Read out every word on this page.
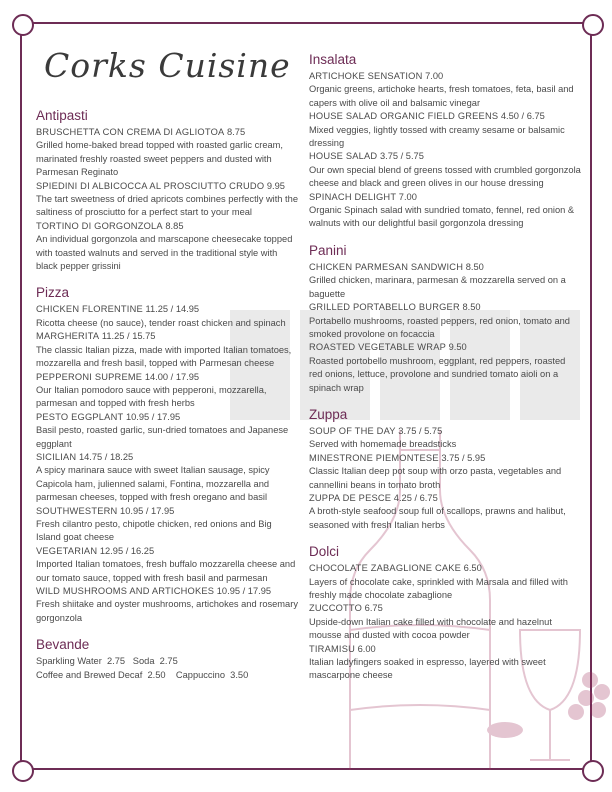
Corks Cuisine
Antipasti
BRUSCHETTA CON CREMA DI AGLIOTOA 8.75
Grilled home-baked bread topped with roasted garlic cream, marinated freshly roasted sweet peppers and dusted with Parmesan Reginato
SPIEDINI DI ALBICOCCA AL PROSCIUTTO CRUDO 9.95
The tart sweetness of dried apricots combines perfectly with the saltiness of prosciutto for a perfect start to your meal
TORTINO DI GORGONZOLA 8.85
An individual gorgonzola and marscapone cheesecake topped with toasted walnuts and served in the traditional style with black pepper grissini
Pizza
CHICKEN FLORENTINE 11.25 / 14.95
Ricotta cheese (no sauce), tender roast chicken and spinach
MARGHERITA 11.25 / 15.75
The classic Italian pizza, made with imported Italian tomatoes, mozzarella and fresh basil, topped with Parmesan cheese
PEPPERONI SUPREME 14.00 / 17.95
Our Italian pomodoro sauce with pepperoni, mozzarella, parmesan and topped with fresh herbs
PESTO EGGPLANT 10.95 / 17.95
Basil pesto, roasted garlic, sun-dried tomatoes and Japanese eggplant
SICILIAN 14.75 / 18.25
A spicy marinara sauce with sweet Italian sausage, spicy Capicola ham, julienned salami, Fontina, mozzarella and parmesan cheeses, topped with fresh oregano and basil
SOUTHWESTERN 10.95 / 17.95
Fresh cilantro pesto, chipotle chicken, red onions and Big Island goat cheese
VEGETARIAN 12.95 / 16.25
Imported Italian tomatoes, fresh buffalo mozzarella cheese and our tomato sauce, topped with fresh basil and parmesan
WILD MUSHROOMS AND ARTICHOKES 10.95 / 17.95
Fresh shiitake and oyster mushrooms, artichokes and rosemary gorgonzola
Bevande
Sparkling Water  2.75   Soda  2.75
Coffee and Brewed Decaf  2.50    Cappuccino  3.50
Insalata
ARTICHOKE SENSATION 7.00
Organic greens, artichoke hearts, fresh tomatoes, feta, basil and capers with olive oil and balsamic vinegar
HOUSE SALAD ORGANIC FIELD GREENS 4.50 / 6.75
Mixed veggies, lightly tossed with creamy sesame or balsamic dressing
HOUSE SALAD 3.75 / 5.75
Our own special blend of greens tossed with crumbled gorgonzola cheese and black and green olives in our house dressing
SPINACH DELIGHT 7.00
Organic Spinach salad with sundried tomato, fennel, red onion & walnuts with our delightful basil gorgonzola dressing
Panini
CHICKEN PARMESAN SANDWICH 8.50
Grilled chicken, marinara, parmesan & mozzarella served on a baguette
GRILLED PORTABELLO BURGER 8.50
Portabello mushrooms, roasted peppers, red onion, tomato and smoked provolone on focaccia
ROASTED VEGETABLE WRAP 9.50
Roasted portobello mushroom, eggplant, red peppers, roasted red onions, lettuce, provolone and sundried tomato aioli on a spinach wrap
Zuppa
SOUP OF THE DAY 3.75 / 5.75
Served with homemade breadsticks
MINESTRONE PIEMONTESE 3.75 / 5.95
Classic Italian deep pot soup with orzo pasta, vegetables and cannellini beans in tomato broth
ZUPPA DE PESCE 4.25 / 6.75
A broth-style seafood soup full of scallops, prawns and halibut, seasoned with fresh Italian herbs
Dolci
CHOCOLATE ZABAGLIONE CAKE 6.50
Layers of chocolate cake, sprinkled with Marsala and filled with freshly made chocolate zabaglione
ZUCCOTTO 6.75
Upside-down Italian cake filled with chocolate and hazelnut mousse and dusted with cocoa powder
TIRAMISU 6.00
Italian ladyfingers soaked in espresso, layered with sweet mascarpone cheese
